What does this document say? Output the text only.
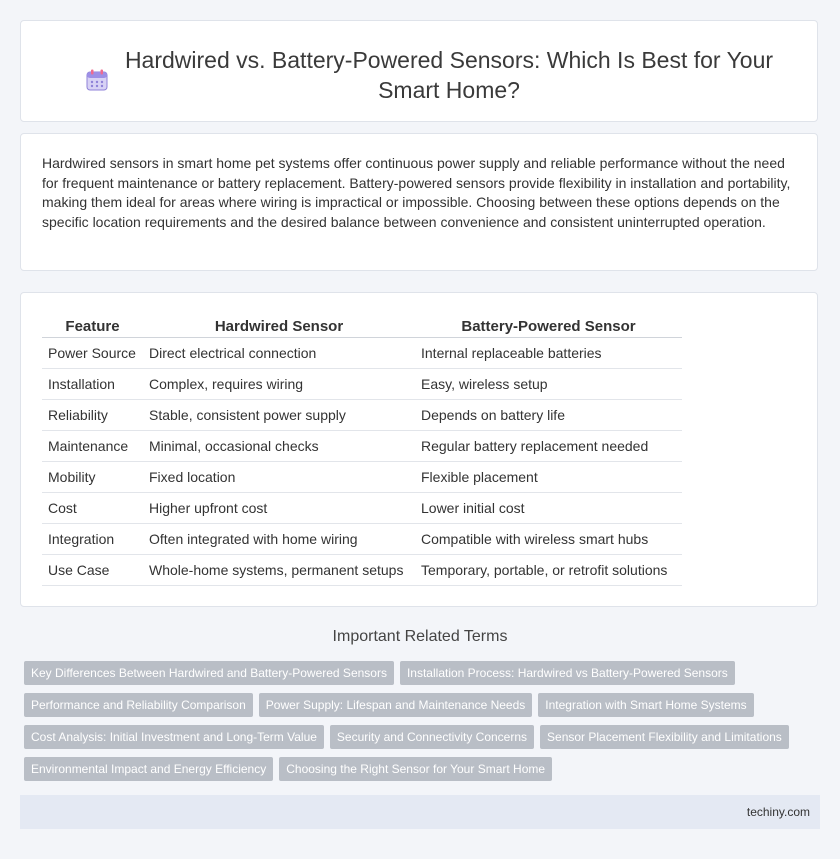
Hardwired vs. Battery-Powered Sensors: Which Is Best for Your Smart Home?

Hardwired sensors in smart home pet systems offer continuous power supply and reliable performance without the need for frequent maintenance or battery replacement. Battery-powered sensors provide flexibility in installation and portability, making them ideal for areas where wiring is impractical or impossible. Choosing between these options depends on the specific location requirements and the desired balance between convenience and consistent uninterrupted operation.

Feature	Hardwired Sensor	Battery-Powered Sensor
Power Source	Direct electrical connection	Internal replaceable batteries
Installation	Complex, requires wiring	Easy, wireless setup
Reliability	Stable, consistent power supply	Depends on battery life
Maintenance	Minimal, occasional checks	Regular battery replacement needed
Mobility	Fixed location	Flexible placement
Cost	Higher upfront cost	Lower initial cost
Integration	Often integrated with home wiring	Compatible with wireless smart hubs
Use Case	Whole-home systems, permanent setups	Temporary, portable, or retrofit solutions
Important Related Terms
Key Differences Between Hardwired and Battery-Powered Sensors	Installation Process: Hardwired vs Battery-Powered Sensors
Performance and Reliability Comparison	Power Supply: Lifespan and Maintenance Needs	Integration with Smart Home Systems
Cost Analysis: Initial Investment and Long-Term Value	Security and Connectivity Concerns	Sensor Placement Flexibility and Limitations
Environmental Impact and Energy Efficiency	Choosing the Right Sensor for Your Smart Home
techiny.com
